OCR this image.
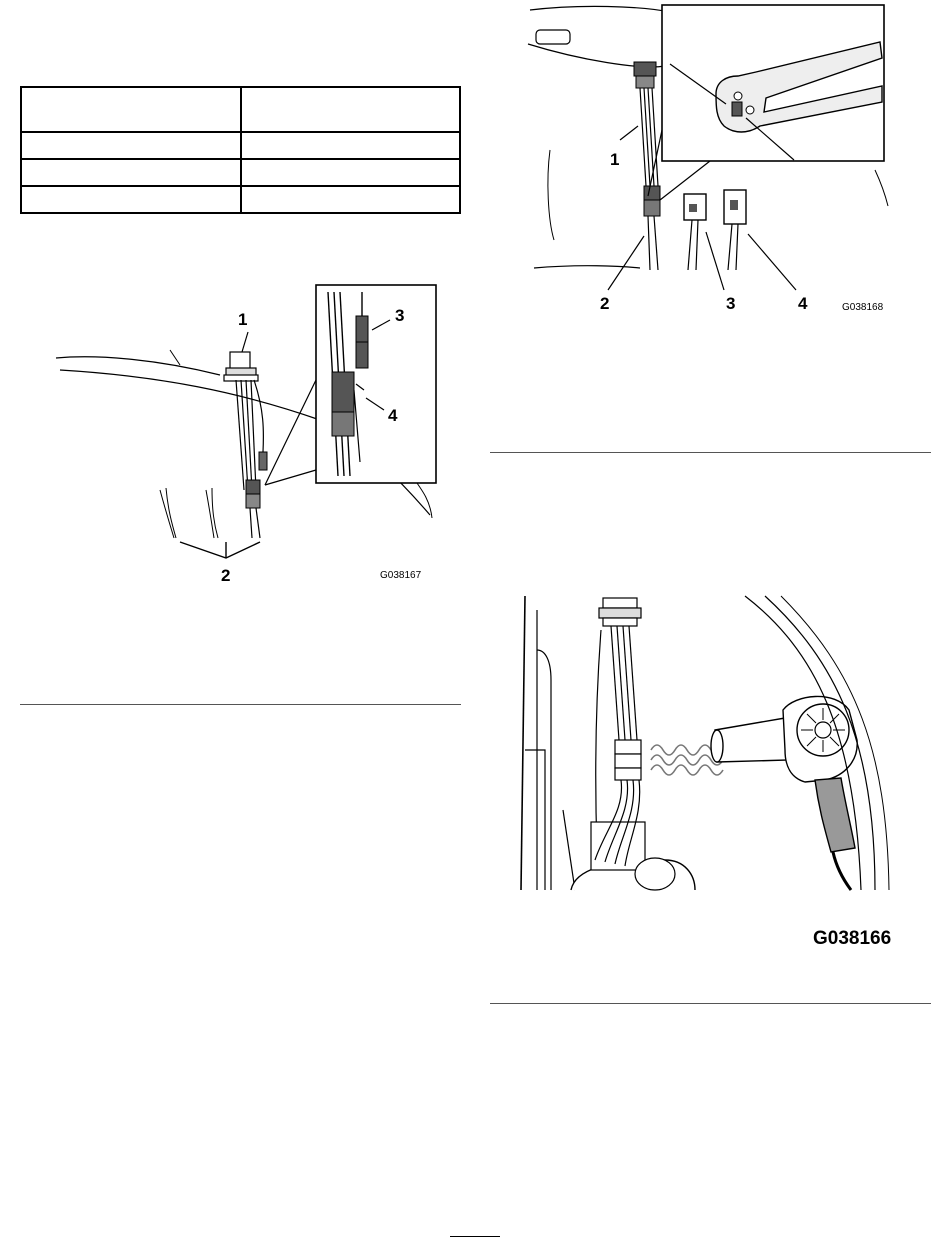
1
2
3
4
G038167
1
2	3	4	G038168
G038166
